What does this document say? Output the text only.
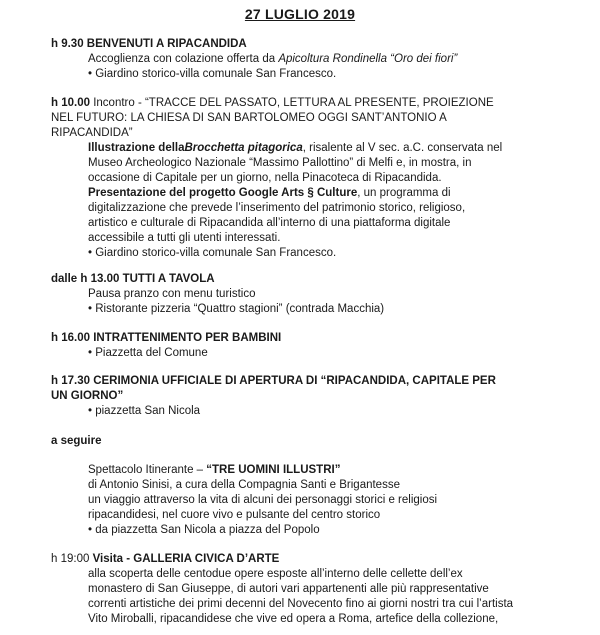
27 LUGLIO 2019

h 9.30 BENVENUTI A RIPACANDIDA

Accoglienza con colazione offerta da Apicoltura Rondinella “Oro dei fiori”

• Giardino storico-villa comunale San Francesco.

h 10.00 Incontro - “TRACCE DEL PASSATO, LETTURA AL PRESENTE, PROIEZIONE

NEL FUTURO: LA CHIESA DI SAN BARTOLOMEO OGGI SANT’ANTONIO A

RIPACANDIDA”

Illustrazione dellaBrocchetta pitagorica, risalente al V sec. a.C. conservata nel

Museo Archeologico Nazionale “Massimo Pallottino” di Melfi e, in mostra, in

occasione di Capitale per un giorno, nella Pinacoteca di Ripacandida.

Presentazione del progetto Google Arts § Culture, un programma di

digitalizzazione che prevede l’inserimento del patrimonio storico, religioso,

artistico e culturale di Ripacandida all’interno di una piattaforma digitale

accessibile a tutti gli utenti interessati.

• Giardino storico-villa comunale San Francesco.

dalle h 13.00 TUTTI A TAVOLA

Pausa pranzo con menu turistico

• Ristorante pizzeria “Quattro stagioni” (contrada Macchia)

h 16.00 INTRATTENIMENTO PER BAMBINI

• Piazzetta del Comune

h 17.30 CERIMONIA UFFICIALE DI APERTURA DI “RIPACANDIDA, CAPITALE PER

UN GIORNO”

• piazzetta San Nicola

a seguire

Spettacolo Itinerante – “TRE UOMINI ILLUSTRI”

di Antonio Sinisi, a cura della Compagnia Santi e Brigantesse

un viaggio attraverso la vita di alcuni dei personaggi storici e religiosi

ripacandidesi, nel cuore vivo e pulsante del centro storico

• da piazzetta San Nicola a piazza del Popolo

h 19:00 Visita - GALLERIA CIVICA D’ARTE

alla scoperta delle centodue opere esposte all’interno delle cellette dell’ex

monastero di San Giuseppe, di autori vari appartenenti alle più rappresentative

correnti artistiche dei primi decenni del Novecento fino ai giorni nostri tra cui l’artista

Vito Miroballi, ripacandidese che vive ed opera a Roma, artefice della collezione,
